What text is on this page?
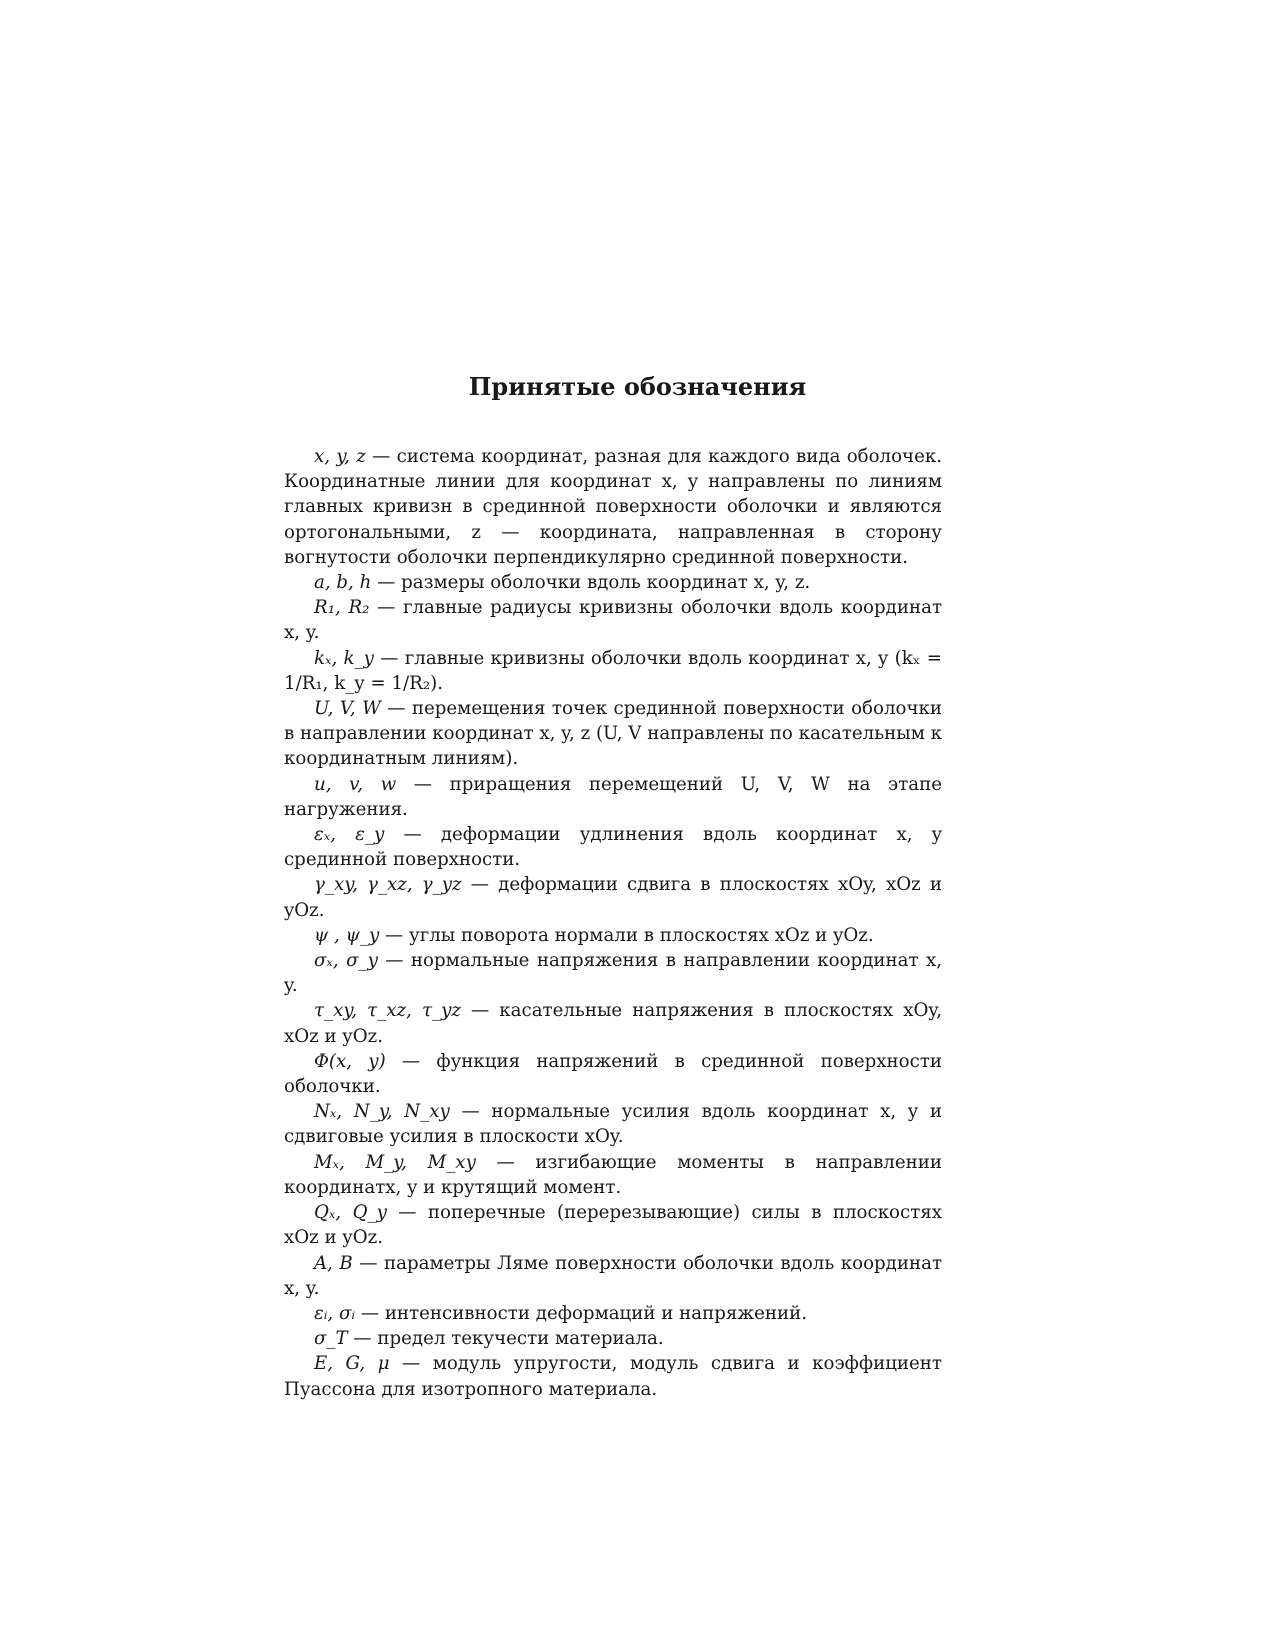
Принятые обозначения

x, y, z — система координат, разная для каждого вида оболочек. Координатные линии для координат x, y направлены по линиям главных кривизн в срединной поверхности оболочки и являются ортогональными, z — координата, направленная в сторону вогнутости оболочки перпендикулярно срединной поверхности.

a, b, h — размеры оболочки вдоль координат x, y, z.

R₁, R₂ — главные радиусы кривизны оболочки вдоль координат x, y.

kₓ, k_y — главные кривизны оболочки вдоль координат x, y (kₓ = 1/R₁, k_y = 1/R₂).

U, V, W — перемещения точек срединной поверхности оболочки в направлении координат x, y, z (U, V направлены по касательным к координатным линиям).

u, v, w — приращения перемещений U, V, W на этапе нагружения.

εₓ, ε_y — деформации удлинения вдоль координат x, y срединной поверхности.

γ_xy, γ_xz, γ_yz — деформации сдвига в плоскостях xOy, xOz и yOz.

ψ , ψ_y — углы поворота нормали в плоскостях xOz и yOz.

σₓ, σ_y — нормальные напряжения в направлении координат x, y.

τ_xy, τ_xz, τ_yz — касательные напряжения в плоскостях xOy, xOz и yOz.

Φ(x, y) — функция напряжений в срединной поверхности оболочки.

Nₓ, N_y, N_xy — нормальные усилия вдоль координат x, y и сдвиговые усилия в плоскости xOy.

Mₓ, M_y, M_xy — изгибающие моменты в направлении координатx, y и крутящий момент.

Qₓ, Q_y — поперечные (перерезывающие) силы в плоскостях xOz и yOz.

A, B — параметры Ляме поверхности оболочки вдоль координат x, y.

εᵢ, σᵢ — интенсивности деформаций и напряжений.

σ_T — предел текучести материала.

E, G, μ — модуль упругости, модуль сдвига и коэффициент Пуассона для изотропного материала.
